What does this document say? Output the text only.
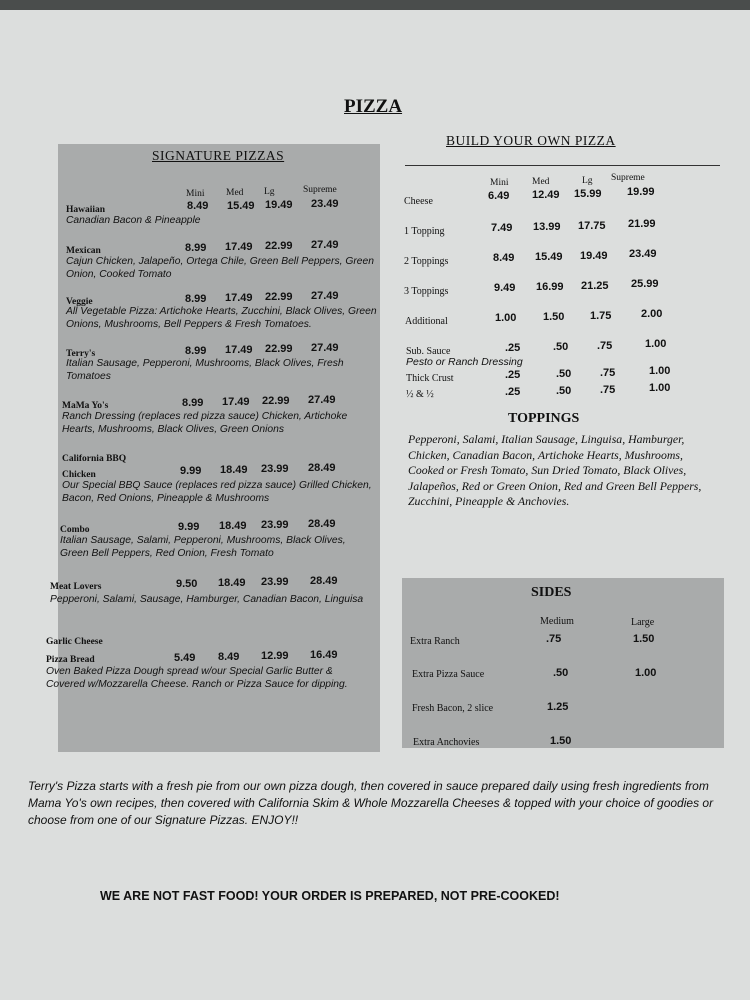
PIZZA
SIGNATURE PIZZAS
Mini Med Lg	Supreme
Hawaiian	8.49 15.49 19.49 23.49
Canadian Bacon & Pineapple
Mexican	8.99 17.49 22.99 27.49
Cajun Chicken, Jalapeño, Ortega Chile, Green Bell Peppers, Green Onion, Cooked Tomato
Veggie	8.99 17.49 22.99 27.49
All Vegetable Pizza: Artichoke Hearts, Zucchini, Black Olives, Green Onions, Mushrooms, Bell Peppers & Fresh Tomatoes.
Terry's	8.99 17.49 22.99 27.49
Italian Sausage, Pepperoni, Mushrooms, Black Olives, Fresh Tomatoes
MaMa Yo's	8.99 17.49 22.99 27.49
Ranch Dressing (replaces red pizza sauce) Chicken, Artichoke Hearts, Mushrooms, Black Olives, Green Onions
California BBQ
Chicken	9.99 18.49 23.99 28.49
Our Special BBQ Sauce (replaces red pizza sauce) Grilled Chicken, Bacon, Red Onions, Pineapple & Mushrooms
Combo	9.99 18.49 23.99 28.49
Italian Sausage, Salami, Pepperoni, Mushrooms, Black Olives, Green Bell Peppers, Red Onion, Fresh Tomato
Meat Lovers	9.50 18.49 23.99 28.49
Pepperoni, Salami, Sausage, Hamburger, Canadian Bacon, Linguisa
Garlic Cheese
Pizza Bread	5.49 8.49 12.99 16.49
Oven Baked Pizza Dough spread w/our Special Garlic Butter & Covered w/Mozzarella Cheese. Ranch or Pizza Sauce for dipping.
BUILD YOUR OWN PIZZA
Mini Med	Lg Supreme
Cheese	6.49 12.49 15.99 19.99
1 Topping	7.49 13.99 17.75 21.99
2 Toppings	8.49 15.49 19.49 23.49
3 Toppings	9.49 16.99 21.25 25.99
Additional	1.00 1.50 1.75	2.00
Sub. Sauce	.25	.50	.75	1.00
Pesto or Ranch Dressing
Thick Crust	.25	.50	.75	1.00
½ & ½	.25	.50	.75	1.00
TOPPINGS
Pepperoni, Salami, Italian Sausage, Linguisa, Hamburger, Chicken, Canadian Bacon, Artichoke Hearts, Mushrooms, Cooked or Fresh Tomato, Sun Dried Tomato, Black Olives, Jalapeños, Red or Green Onion, Red and Green Bell Peppers, Zucchini, Pineapple & Anchovies.
SIDES
Medium	Large
Extra Ranch	.75	1.50
Extra Pizza Sauce	.50	1.00
Fresh Bacon, 2 slice	1.25
Extra Anchovies	1.50
Terry's Pizza starts with a fresh pie from our own pizza dough, then covered in sauce prepared daily using fresh ingredients from Mama Yo's own recipes, then covered with California Skim & Whole Mozzarella Cheeses & topped with your choice of goodies or choose from one of our Signature Pizzas. ENJOY!!
WE ARE NOT FAST FOOD! YOUR ORDER IS PREPARED, NOT PRE-COOKED!
